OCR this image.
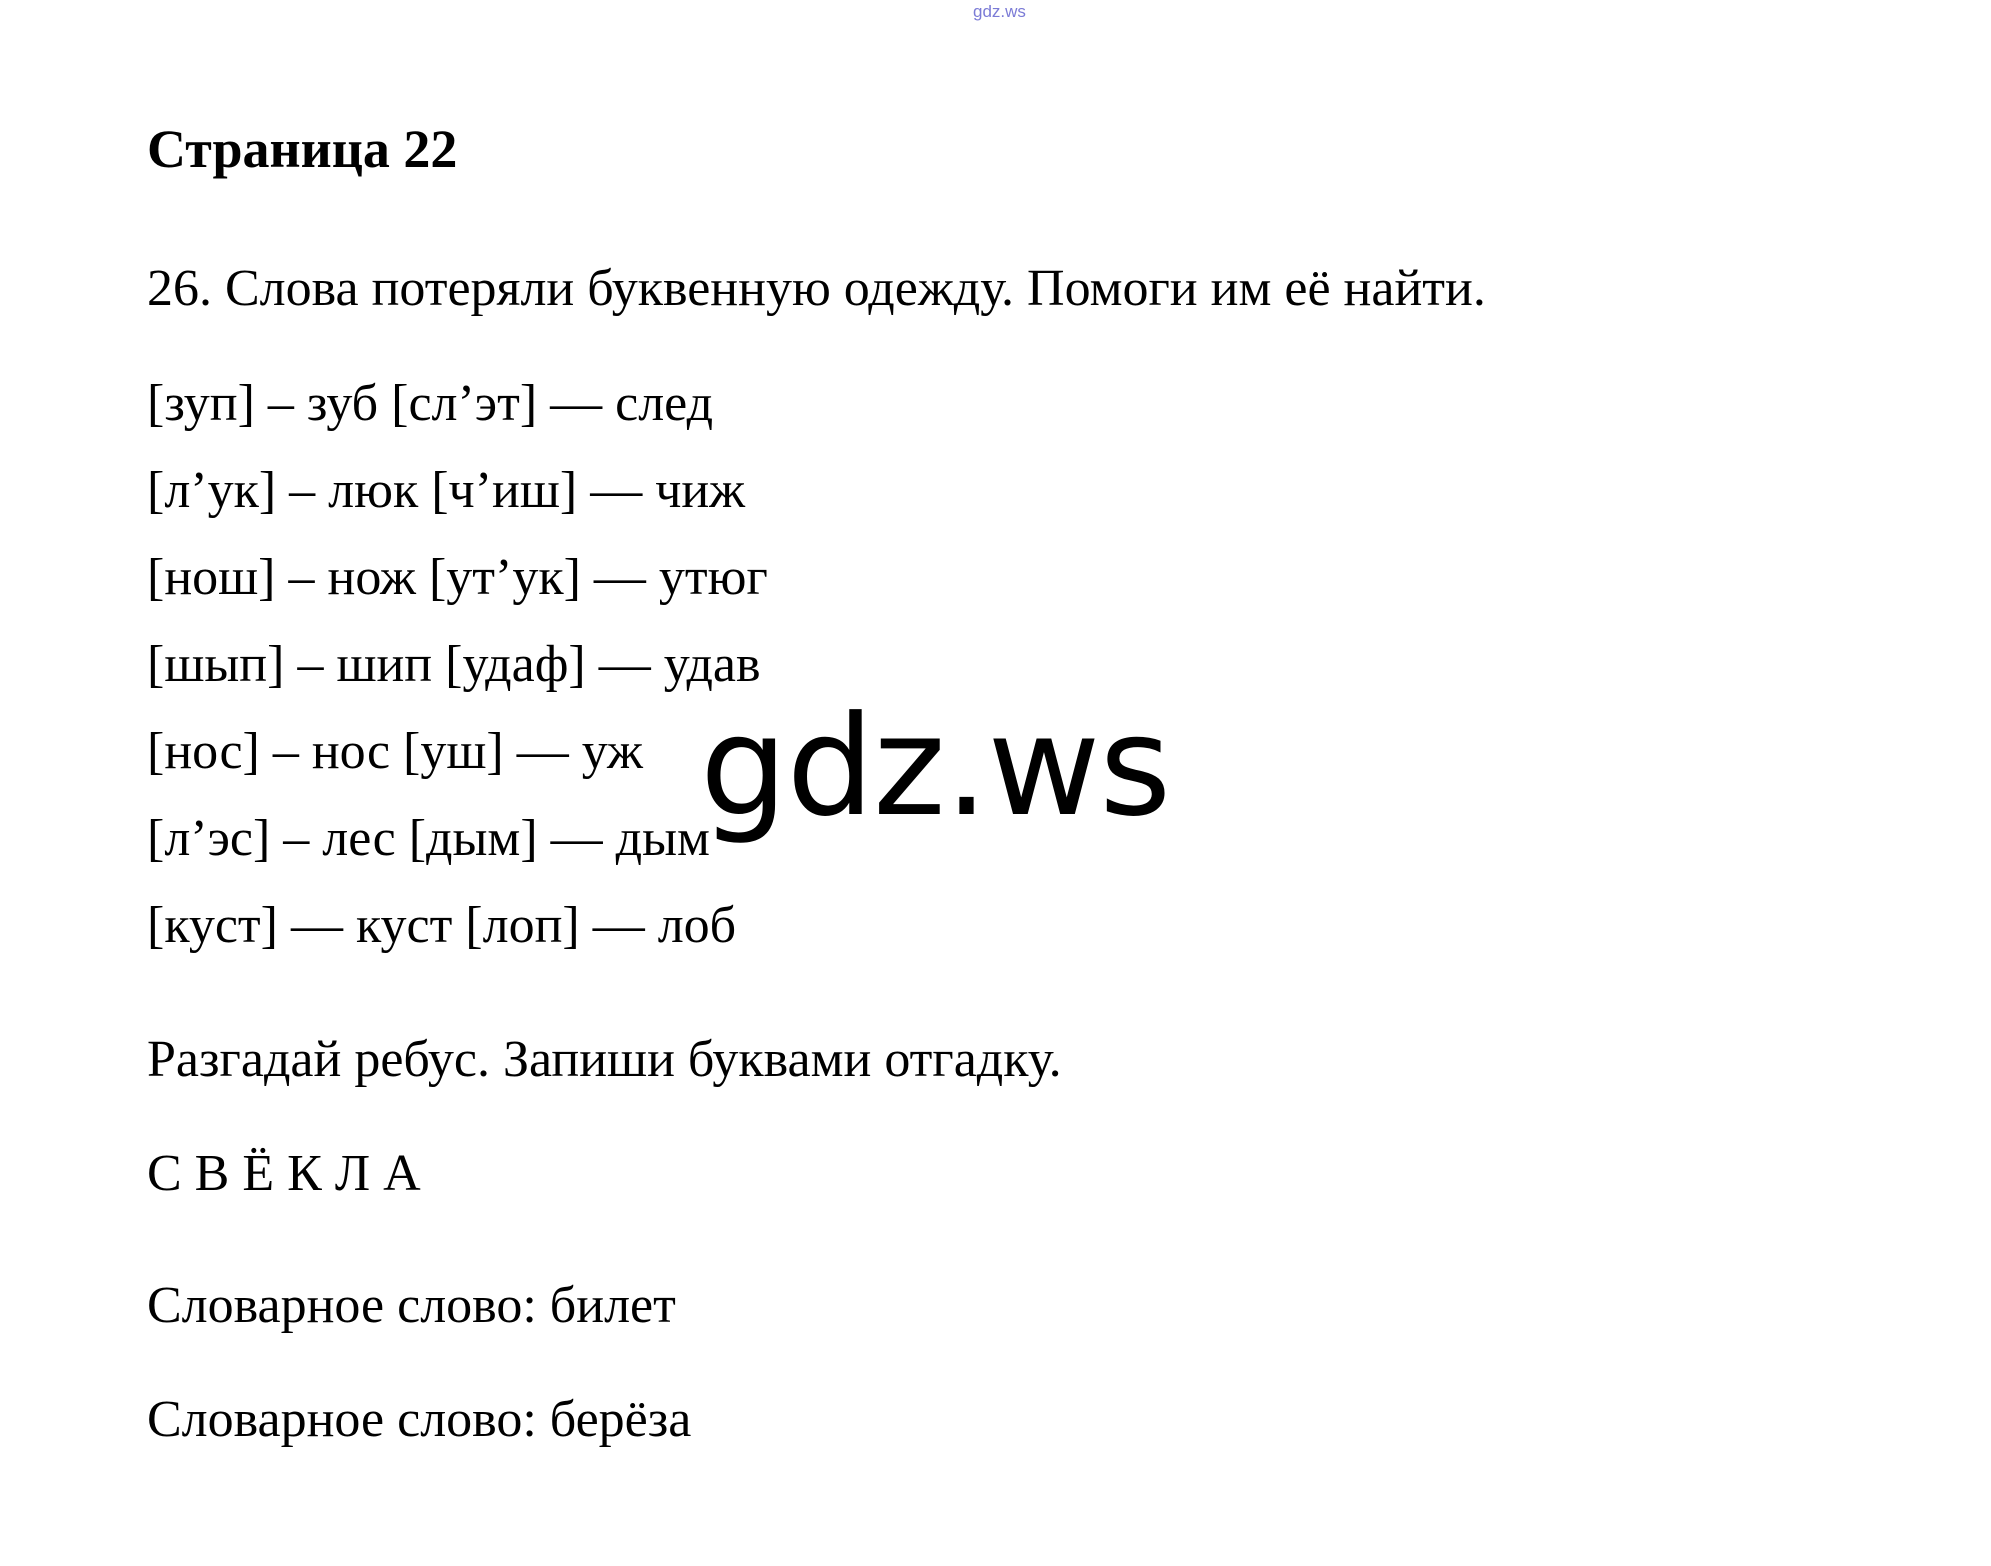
gdz.ws
Страница 22
26. Слова потеряли буквенную одежду. Помоги им её найти.
[зуп] – зуб [сл’эт] — след
[л’ук] – люк [ч’иш] — чиж
[нош] – нож [ут’ук] — утюг
[шып] – шип [удаф] — удав
[нос] – нос [уш] — уж
[л’эс] – лес [дым] — дым
[куст] — куст [лоп] — лоб
Разгадай ребус. Запиши буквами отгадку.
С В Ё К Л А
Словарное слово: билет
Словарное слово: берёза
gdz.ws
